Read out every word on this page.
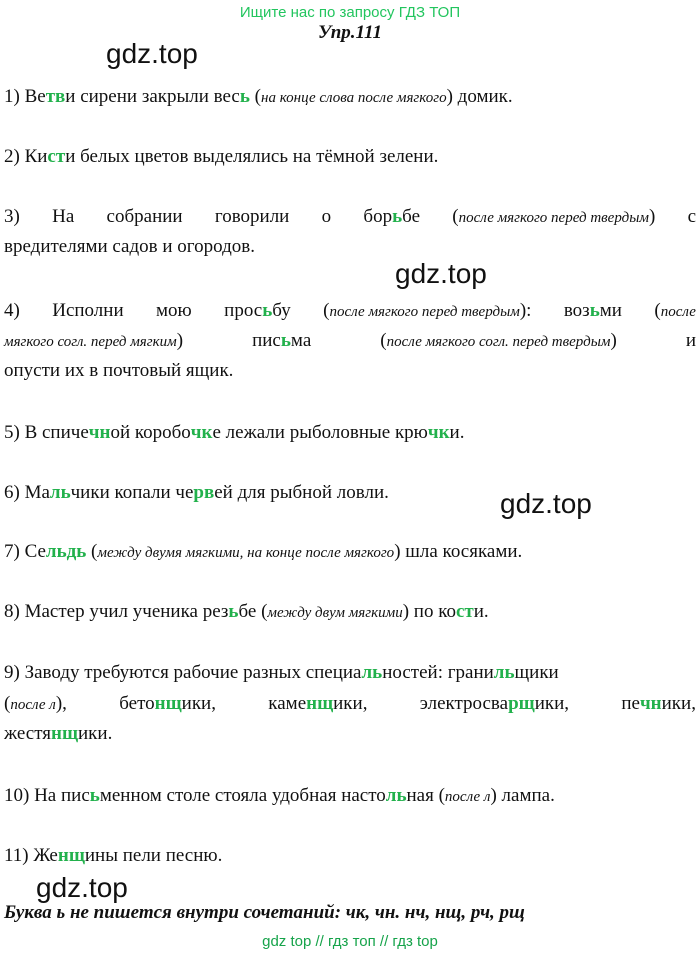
Ищите нас по запросу ГДЗ ТОП
Упр.111
gdz.top
gdz.top
gdz.top
gdz.top
1) Ветви сирени закрыли весь (на конце слова после мягкого) домик.
2) Кисти белых цветов выделялись на тёмной зелени.
3) На собрании говорили о борьбе (после мягкого перед твердым) с
вредителями садов и огородов.
4) Исполни мою просьбу (после мягкого перед твердым): возьми (после
мягкого согл. перед мягким)	письма	(после мягкого согл. перед твердым)	и
опусти их в почтовый ящик.
5) В спичечной коробочке лежали рыболовные крючки.
6) Мальчики копали червей для рыбной ловли.
7) Сельдь (между двумя мягкими, на конце после мягкого) шла косяками.
8) Мастер учил ученика резьбе (между двум мягкими) по кости.
9) Заводу требуются рабочие разных специальностей: гранильщики
(после л),	бетонщики,	каменщики,	электросварщики,	печники,
жестянщики.
10) На письменном столе стояла удобная настольная (после л) лампа.
11) Женщины пели песню.
Буква ь не пишется внутри сочетаний: чк, чн. нч, нщ, рч, рщ
gdz top // гдз топ // гдз top
